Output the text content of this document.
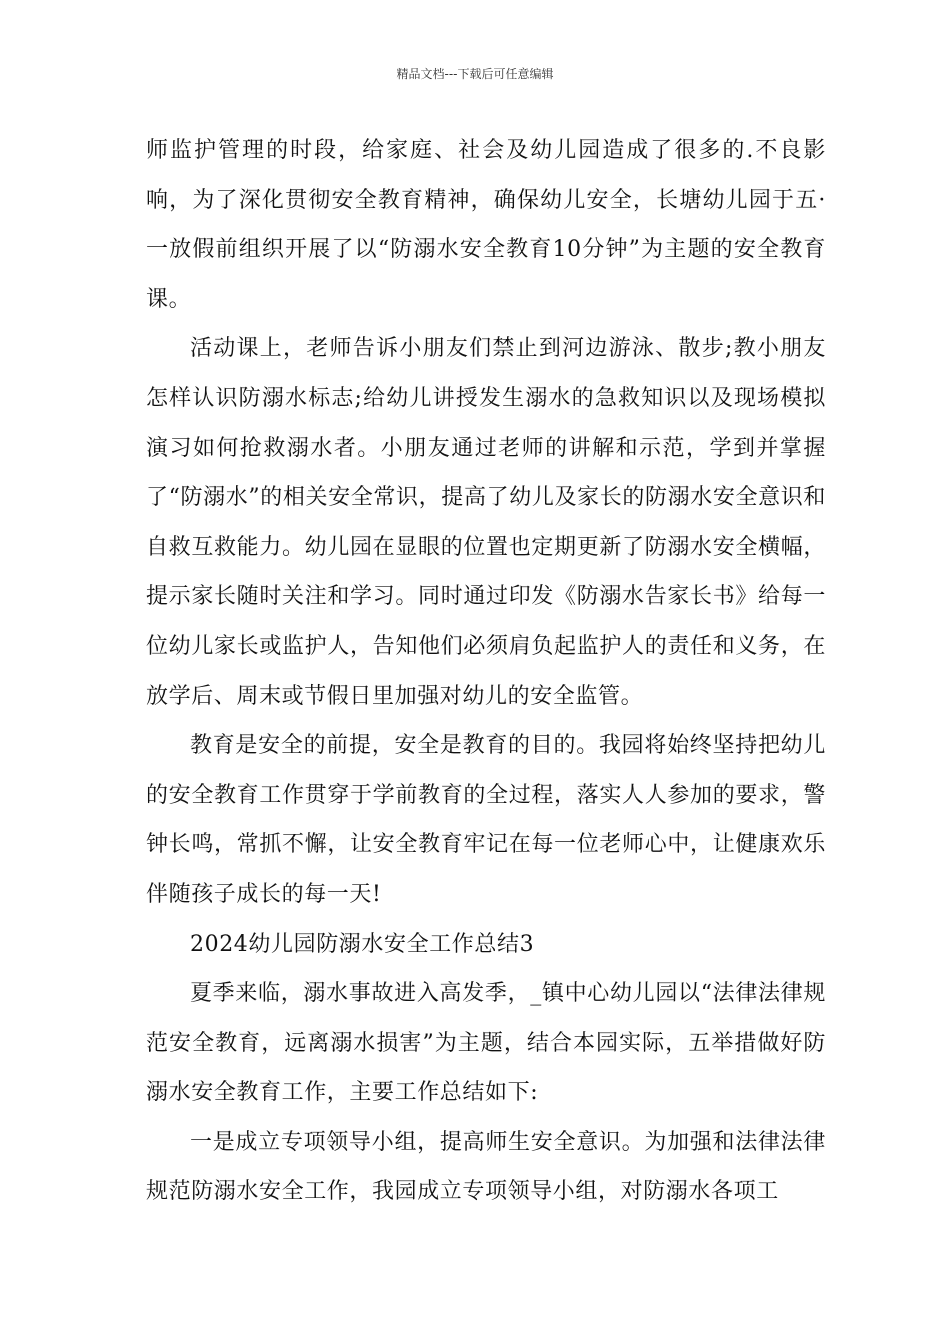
精品文档---下载后可任意编辑

师监护管理的时段，给家庭、社会及幼儿园造成了很多的.不良影响，为了深化贯彻安全教育精神，确保幼儿安全，长塘幼儿园于五·一放假前组织开展了以“防溺水安全教育10分钟”为主题的安全教育课。

活动课上，老师告诉小朋友们禁止到河边游泳、散步;教小朋友怎样认识防溺水标志;给幼儿讲授发生溺水的急救知识以及现场模拟演习如何抢救溺水者。小朋友通过老师的讲解和示范，学到并掌握了“防溺水”的相关安全常识，提高了幼儿及家长的防溺水安全意识和自救互救能力。幼儿园在显眼的位置也定期更新了防溺水安全横幅，提示家长随时关注和学习。同时通过印发《防溺水告家长书》给每一位幼儿家长或监护人，告知他们必须肩负起监护人的责任和义务，在放学后、周末或节假日里加强对幼儿的安全监管。

教育是安全的前提，安全是教育的目的。我园将始终坚持把幼儿的安全教育工作贯穿于学前教育的全过程，落实人人参加的要求，警钟长鸣，常抓不懈，让安全教育牢记在每一位老师心中，让健康欢乐伴随孩子成长的每一天!

2024幼儿园防溺水安全工作总结3

夏季来临，溺水事故进入高发季，_镇中心幼儿园以“法律法律规范安全教育，远离溺水损害”为主题，结合本园实际，五举措做好防溺水安全教育工作，主要工作总结如下:

一是成立专项领导小组，提高师生安全意识。为加强和法律法律规范防溺水安全工作，我园成立专项领导小组，对防溺水各项工
